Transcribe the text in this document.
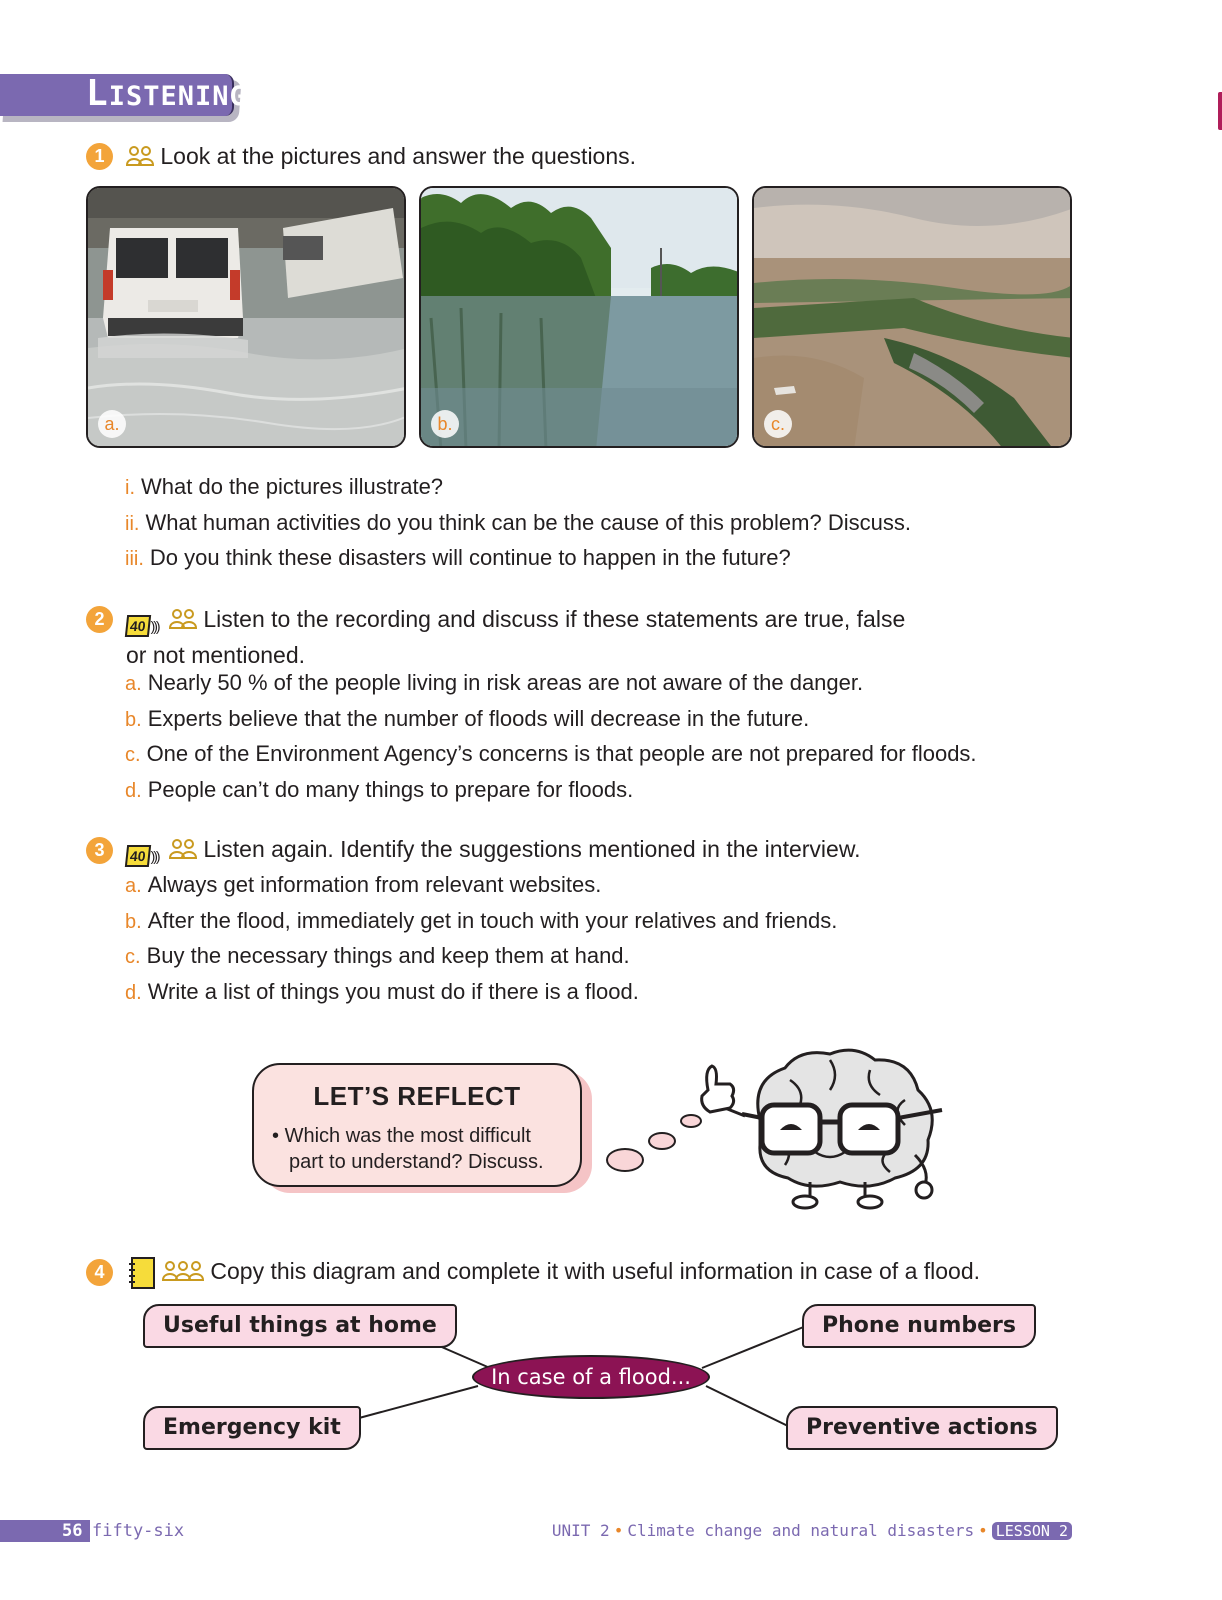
LISTENING
1	Look at the pictures and answer the questions.
a.	b.	c.
i. What do the pictures illustrate?
ii. What human activities do you think can be the cause of this problem? Discuss.
iii. Do you think these disasters will continue to happen in the future?
2	40 ))) Listen to the recording and discuss if these statements are true, false
or not mentioned.
a. Nearly 50 % of the people living in risk areas are not aware of the danger.
b. Experts believe that the number of floods will decrease in the future.
c. One of the Environment Agency’s concerns is that people are not prepared for floods.
d. People can’t do many things to prepare for floods.
3	40 ))) Listen again. Identify the suggestions mentioned in the interview.
a. Always get information from relevant websites.
b. After the flood, immediately get in touch with your relatives and friends.
c. Buy the necessary things and keep them at hand.
d. Write a list of things you must do if there is a flood.
LET’S REFLECT
• Which was the most difficult
part to understand? Discuss.
4	Copy this diagram and complete it with useful information in case of a flood.
Useful things at home	Phone numbers
In case of a flood...
Emergency kit	Preventive actions
56 fifty-six	UNIT 2 • Climate change and natural disasters • LESSON 2
